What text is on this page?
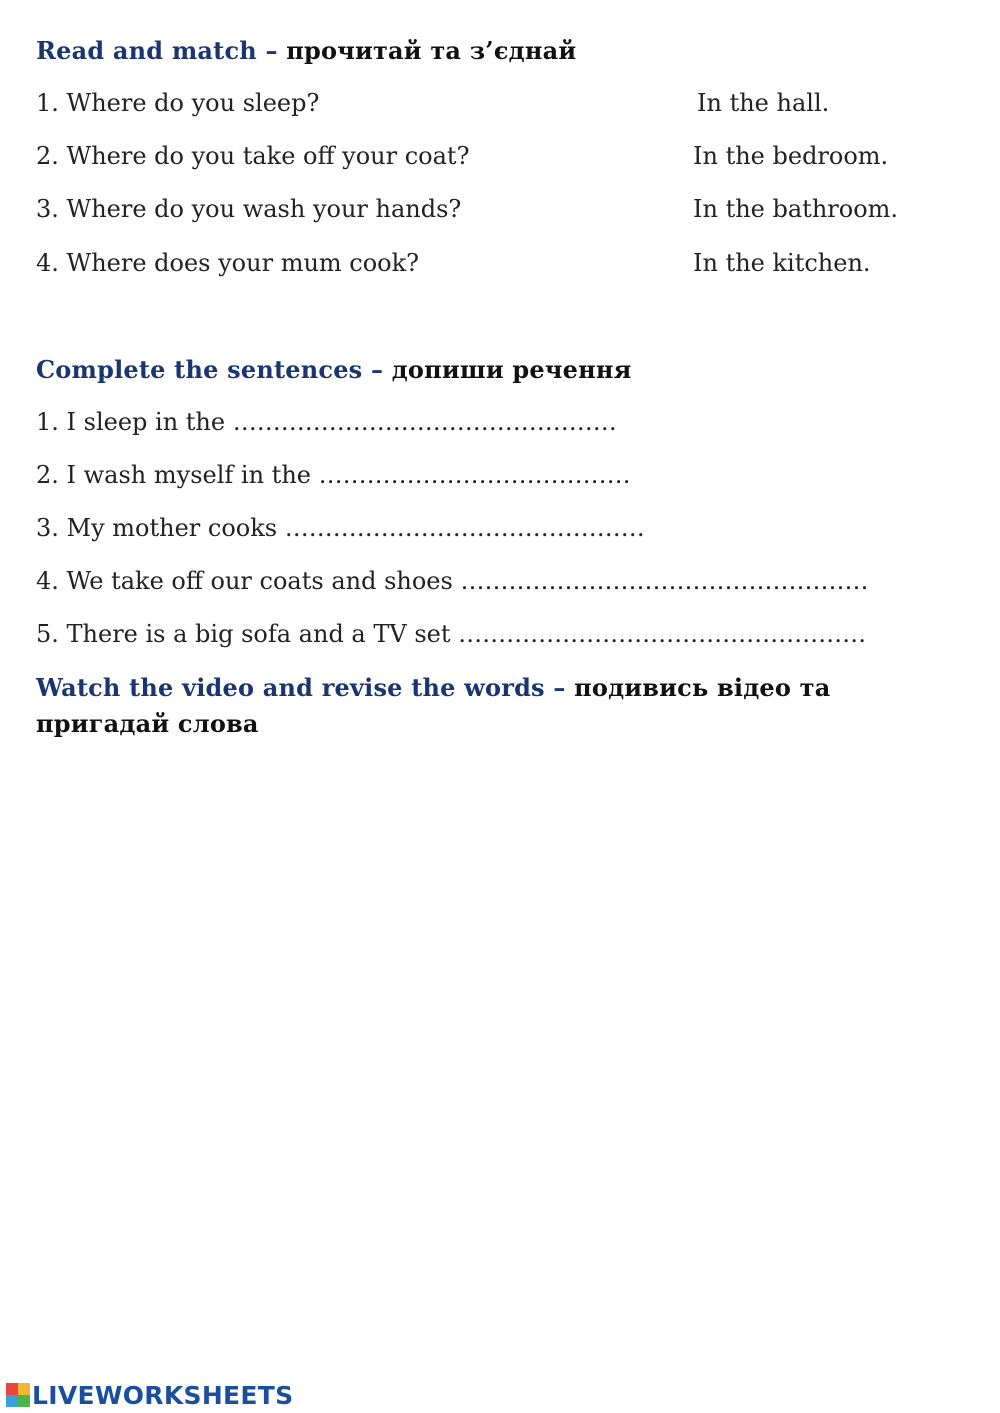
Read and match – прочитай та з’єднай
1. Where do you sleep?
2. Where do you take off your coat?
3. Where do you wash your hands?
4. Where does your mum cook?
In the hall.
In the bedroom.
In the bathroom.
In the kitchen.
Complete the sentences – допиши речення
1. I sleep in the …………………………………………
2. I wash myself in the …………………………………
3. My mother cooks ………………………………………
4. We take off our coats and shoes ……………………………………………
5. There is a big sofa and a TV set ……………………………………………
Watch the video and revise the words – подивись відео та
пригадай слова
LIVEWORKSHEETS
